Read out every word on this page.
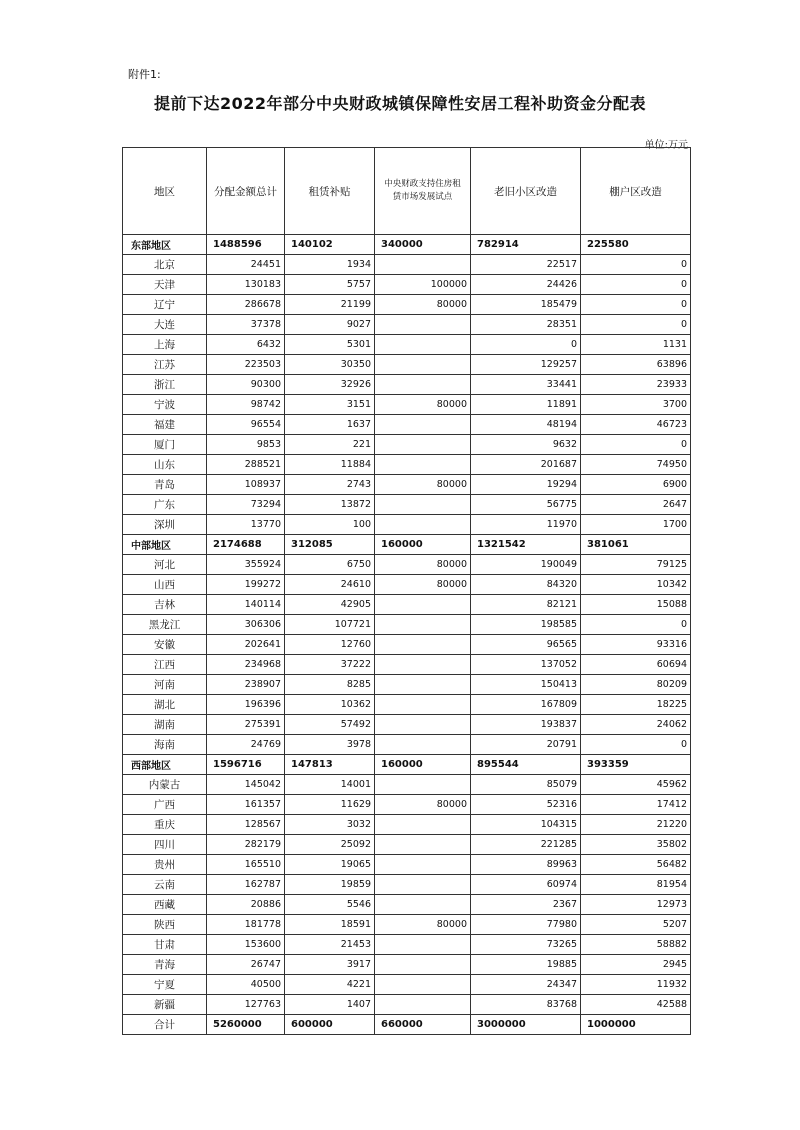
附件1:
提前下达2022年部分中央财政城镇保障性安居工程补助资金分配表
单位:万元
地区	分配金额总计	租赁补贴	中央财政支持住房租赁市场发展试点	老旧小区改造	棚户区改造
东部地区	1488596	140102	340000	782914	225580
北京	24451	1934		22517	0
天津	130183	5757	100000	24426	0
辽宁	286678	21199	80000	185479	0
大连	37378	9027		28351	0
上海	6432	5301		0	1131
江苏	223503	30350		129257	63896
浙江	90300	32926		33441	23933
宁波	98742	3151	80000	11891	3700
福建	96554	1637		48194	46723
厦门	9853	221		9632	0
山东	288521	11884		201687	74950
青岛	108937	2743	80000	19294	6900
广东	73294	13872		56775	2647
深圳	13770	100		11970	1700
中部地区	2174688	312085	160000	1321542	381061
河北	355924	6750	80000	190049	79125
山西	199272	24610	80000	84320	10342
吉林	140114	42905		82121	15088
黑龙江	306306	107721		198585	0
安徽	202641	12760		96565	93316
江西	234968	37222		137052	60694
河南	238907	8285		150413	80209
湖北	196396	10362		167809	18225
湖南	275391	57492		193837	24062
海南	24769	3978		20791	0
西部地区	1596716	147813	160000	895544	393359
内蒙古	145042	14001		85079	45962
广西	161357	11629	80000	52316	17412
重庆	128567	3032		104315	21220
四川	282179	25092		221285	35802
贵州	165510	19065		89963	56482
云南	162787	19859		60974	81954
西藏	20886	5546		2367	12973
陕西	181778	18591	80000	77980	5207
甘肃	153600	21453		73265	58882
青海	26747	3917		19885	2945
宁夏	40500	4221		24347	11932
新疆	127763	1407		83768	42588
合计	5260000	600000	660000	3000000	1000000
